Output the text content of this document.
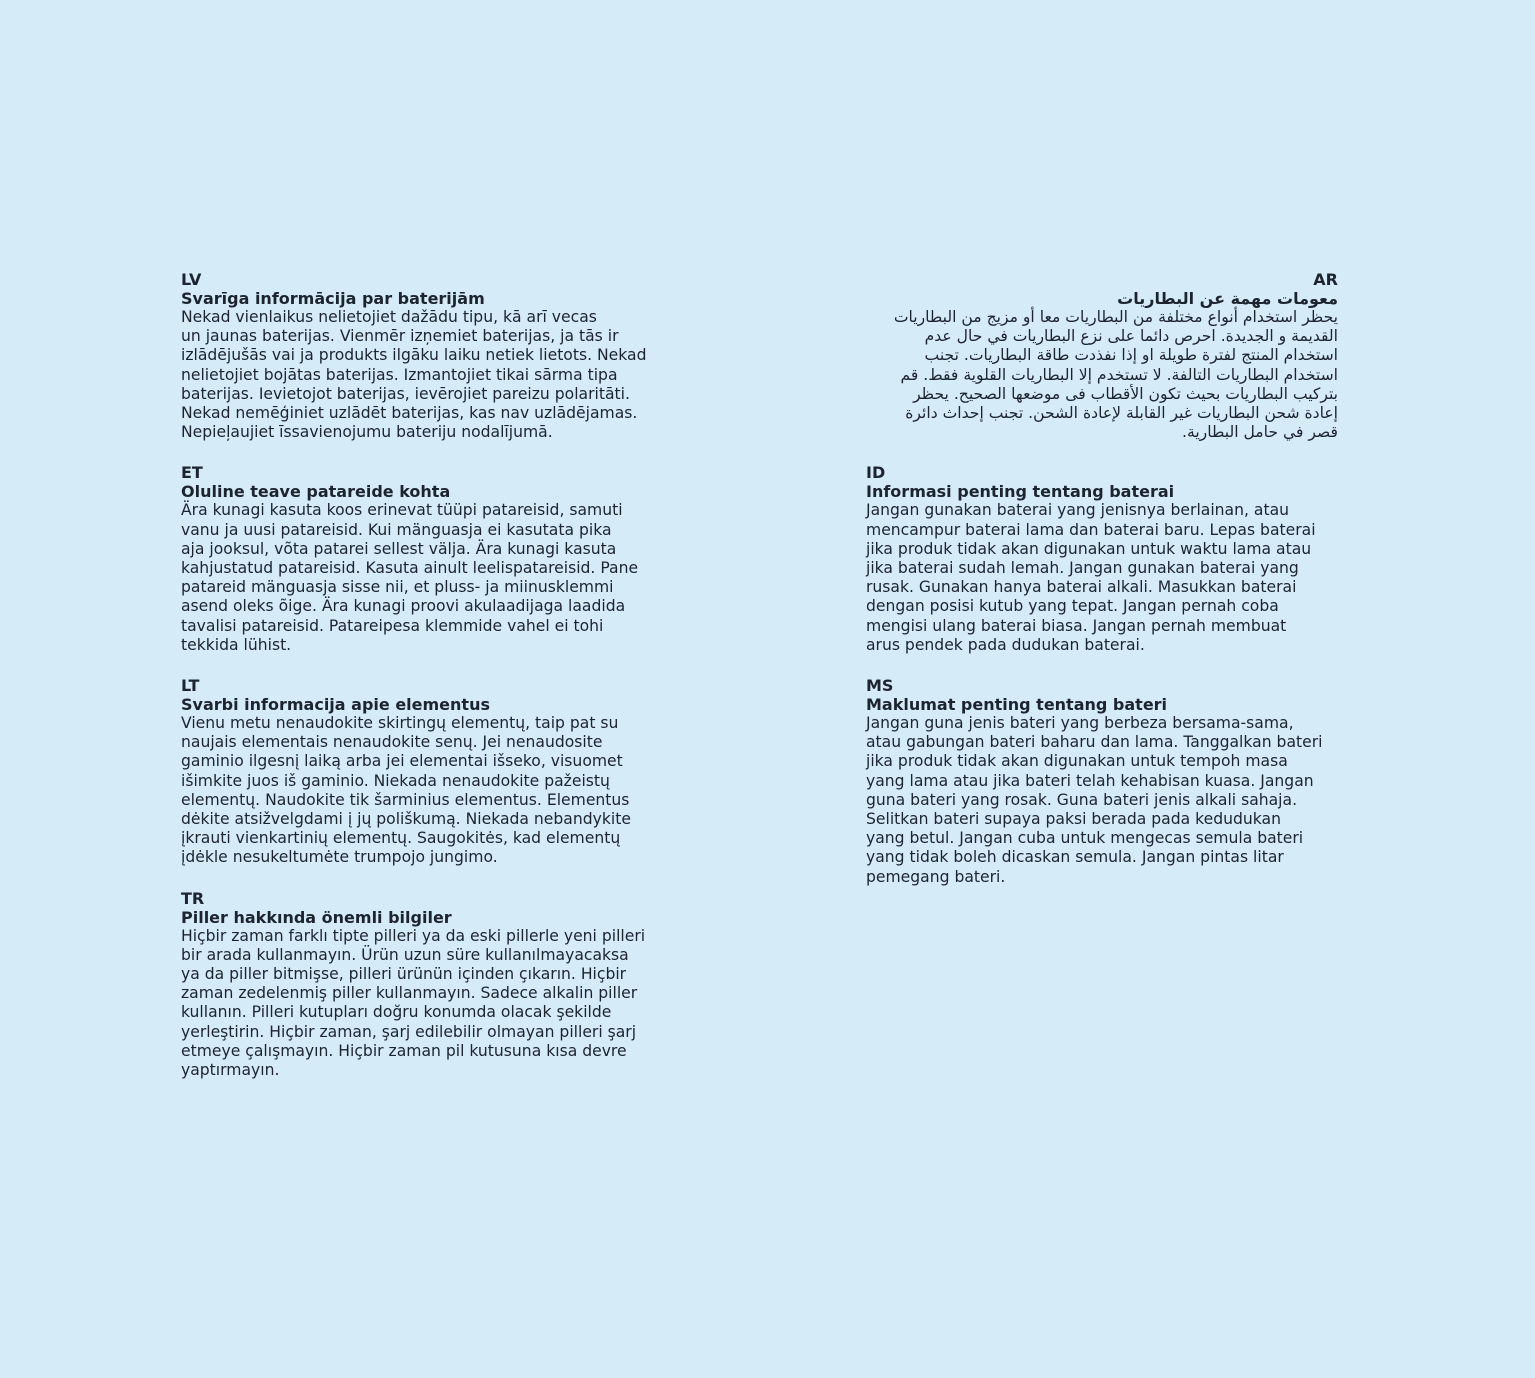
LV

Svarīga informācija par baterijām

Nekad vienlaikus nelietojiet dažādu tipu, kā arī vecas
un jaunas baterijas. Vienmēr izņemiet baterijas, ja tās ir
izlādējušās vai ja produkts ilgāku laiku netiek lietots. Nekad
nelietojiet bojātas baterijas. Izmantojiet tikai sārma tipa
baterijas. Ievietojot baterijas, ievērojiet pareizu polaritāti.
Nekad nemēģiniet uzlādēt baterijas, kas nav uzlādējamas.
Nepieļaujiet īssavienojumu bateriju nodalījumā.

ET

Oluline teave patareide kohta

Ära kunagi kasuta koos erinevat tüüpi patareisid, samuti
vanu ja uusi patareisid. Kui mänguasja ei kasutata pika
aja jooksul, võta patarei sellest välja. Ära kunagi kasuta
kahjustatud patareisid. Kasuta ainult leelispatareisid. Pane
patareid mänguasja sisse nii, et pluss- ja miinusklemmi
asend oleks õige. Ära kunagi proovi akulaadijaga laadida
tavalisi patareisid. Patareipesa klemmide vahel ei tohi
tekkida lühist.

LT

Svarbi informacija apie elementus

Vienu metu nenaudokite skirtingų elementų, taip pat su
naujais elementais nenaudokite senų. Jei nenaudosite
gaminio ilgesnį laiką arba jei elementai išseko, visuomet
išimkite juos iš gaminio. Niekada nenaudokite pažeistų
elementų. Naudokite tik šarminius elementus. Elementus
dėkite atsižvelgdami į jų poliškumą. Niekada nebandykite
įkrauti vienkartinių elementų. Saugokitės, kad elementų
įdėkle nesukeltumėte trumpojo jungimo.

TR

Piller hakkında önemli bilgiler

Hiçbir zaman farklı tipte pilleri ya da eski pillerle yeni pilleri
bir arada kullanmayın. Ürün uzun süre kullanılmayacaksa
ya da piller bitmişse, pilleri ürünün içinden çıkarın. Hiçbir
zaman zedelenmiş piller kullanmayın. Sadece alkalin piller
kullanın. Pilleri kutupları doğru konumda olacak şekilde
yerleştirin. Hiçbir zaman, şarj edilebilir olmayan pilleri şarj
etmeye çalışmayın. Hiçbir zaman pil kutusuna kısa devre
yaptırmayın.

AR

معومات مهمة عن البطاريات

يحظر استخدام أنواع مختلفة من البطاريات معا أو مزيج من البطاريات
القديمة و الجديدة. احرص دائما على نزع البطاريات في حال عدم
استخدام المنتج لفترة طويلة او إذا نفذدت طاقة البطاريات. تجنب
استخدام البطاريات التالفة. لا تستخدم إلا البطاريات القلوية فقط. قم
بتركيب البطاريات بحيث تكون الأقطاب فى موضعها الصحيح. يحظر
إعادة شحن البطاريات غير القابلة لإعادة الشحن. تجنب إحداث دائرة
قصر في حامل البطارية.

ID

Informasi penting tentang baterai

Jangan gunakan baterai yang jenisnya berlainan, atau
mencampur baterai lama dan baterai baru. Lepas baterai
jika produk tidak akan digunakan untuk waktu lama atau
jika baterai sudah lemah. Jangan gunakan baterai yang
rusak. Gunakan hanya baterai alkali. Masukkan baterai
dengan posisi kutub yang tepat. Jangan pernah coba
mengisi ulang baterai biasa. Jangan pernah membuat
arus pendek pada dudukan baterai.

MS

Maklumat penting tentang bateri

Jangan guna jenis bateri yang berbeza bersama-sama,
atau gabungan bateri baharu dan lama. Tanggalkan bateri
jika produk tidak akan digunakan untuk tempoh masa
yang lama atau jika bateri telah kehabisan kuasa. Jangan
guna bateri yang rosak. Guna bateri jenis alkali sahaja.
Selitkan bateri supaya paksi berada pada kedudukan
yang betul. Jangan cuba untuk mengecas semula bateri
yang tidak boleh dicaskan semula. Jangan pintas litar
pemegang bateri.
